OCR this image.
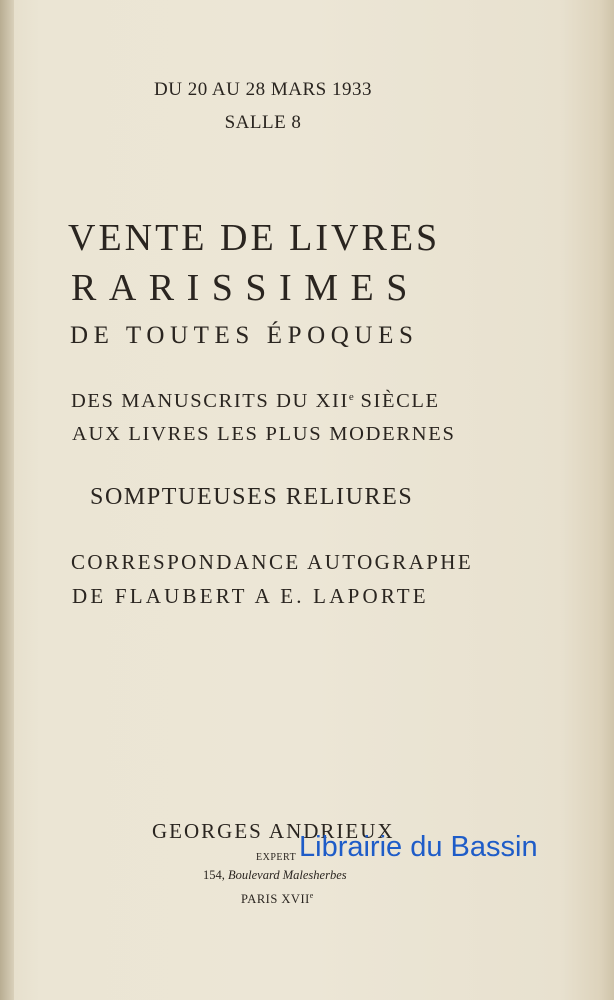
DU 20 AU 28 MARS 1933
SALLE 8
VENTE DE LIVRES
RARISSIMES
DE TOUTES ÉPOQUES
DES MANUSCRITS DU XIIe SIÈCLE
AUX LIVRES LES PLUS MODERNES
SOMPTUEUSES RELIURES
CORRESPONDANCE AUTOGRAPHE
DE FLAUBERT A E. LAPORTE
GEORGES ANDRIEUX
EXPERT
154, Boulevard Malesherbes
PARIS XVIIe
Librairie du Bassin
